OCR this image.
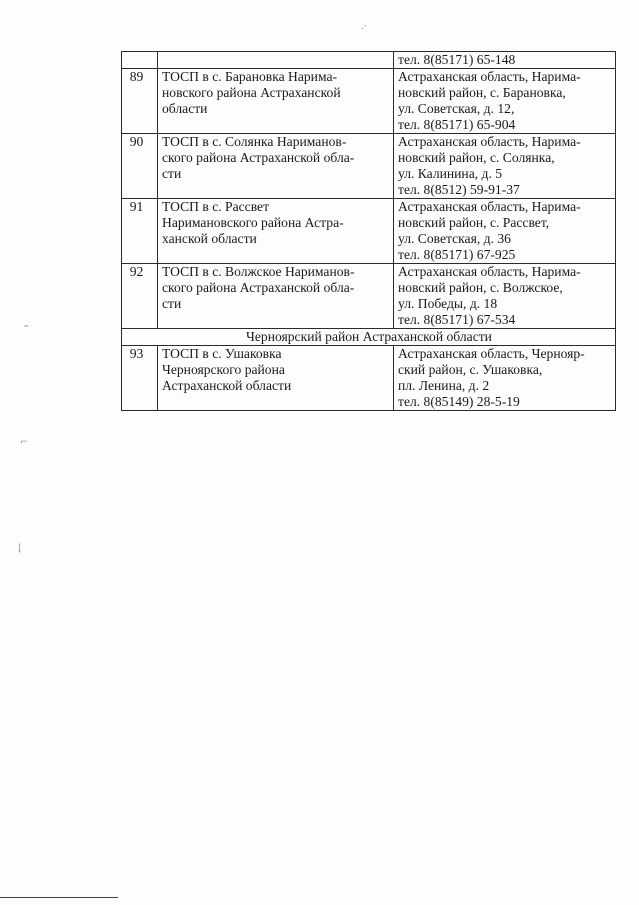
·′
⌃
⌐
⌊

		тел. 8(85171) 65-148

89	ТОСП в с. Барановка Нарима-
новского района Астраханской
области	Астраханская область, Нарима-
новский район, с. Барановка,
ул. Советская, д. 12,
тел. 8(85171) 65-904

90	ТОСП в с. Солянка Нариманов-
ского района Астраханской обла-
сти	Астраханская область, Нарима-
новский район, с. Солянка,
ул. Калинина, д. 5
тел. 8(8512) 59-91-37

91	ТОСП в с. Рассвет
Наримановского района Астра-
ханской области	Астраханская область, Нарима-
новский район, с. Рассвет,
ул. Советская, д. 36
тел. 8(85171) 67-925

92	ТОСП в с. Волжское Нариманов-
ского района Астраханской обла-
сти	Астраханская область, Нарима-
новский район, с. Волжское,
ул. Победы, д. 18
тел. 8(85171) 67-534

Черноярский район Астраханской области		
93	ТОСП в с. Ушаковка
Черноярского района
Астраханской области	Астраханская область, Чернояр-
ский район, с. Ушаковка,
пл. Ленина, д. 2
тел. 8(85149) 28-5-19
